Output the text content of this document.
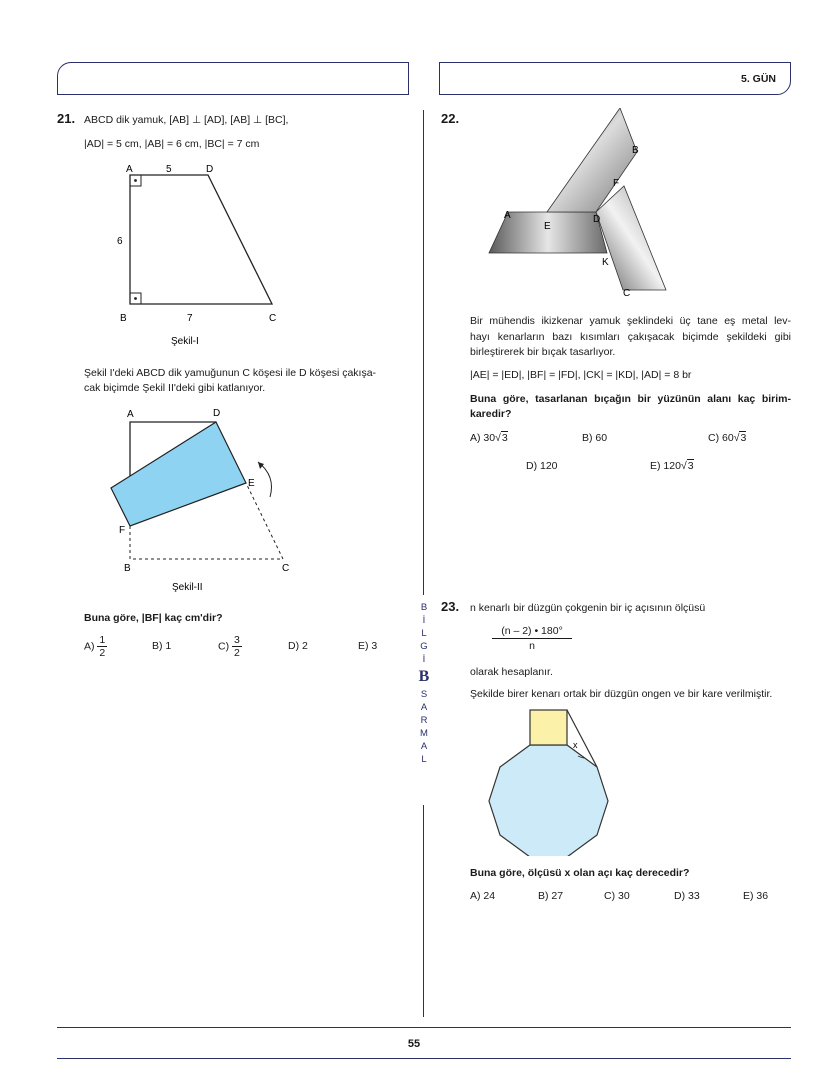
5. GÜN
B
İ
L
G
İ
B
S
A
R
M
A
L
21. ABCD dik yamuk, [AB] ⊥ [AD], [AB] ⊥ [BC],
|AD| = 5 cm, |AB| = 6 cm, |BC| = 7 cm
A	D
5
6
B	7	C
Şekil-I
Şekil I'deki ABCD dik yamuğunun C köşesi ile D köşesi çakışa-
cak biçimde Şekil II'deki gibi katlanıyor.
A	D
E
F
B	C
Şekil-II
Buna göre, |BF| kaç cm'dir?
$A) \frac{1}{2}$	B) 1	$C) \frac{3}{2}$	D) 2	E) 3
22.
A
B
C
D
E
F
K
Bir mühendis ikizkenar yamuk şeklindeki üç tane eş metal lev-
hayı kenarların bazı kısımları çakışacak biçimde şekildeki gibi
birleştirerek bir bıçak tasarlıyor.
|AE| = |ED|, |BF| = |FD|, |CK| = |KD|, |AD| = 8 br
Buna göre, tasarlanan bıçağın bir yüzünün alanı kaç birim-
karedir?
A) 30√3	B) 60	C) 60√3
D) 120	E) 120√3
23. n kenarlı bir düzgün çokgenin bir iç açısının ölçüsü
$\frac{(n - 2) • 180^\circ}{n}$
olarak hesaplanır.
Şekilde birer kenarı ortak bir düzgün ongen ve bir kare verilmiştir.
x
Buna göre, ölçüsü x olan açı kaç derecedir?
A) 24	B) 27	C) 30	D) 33	E) 36
55
